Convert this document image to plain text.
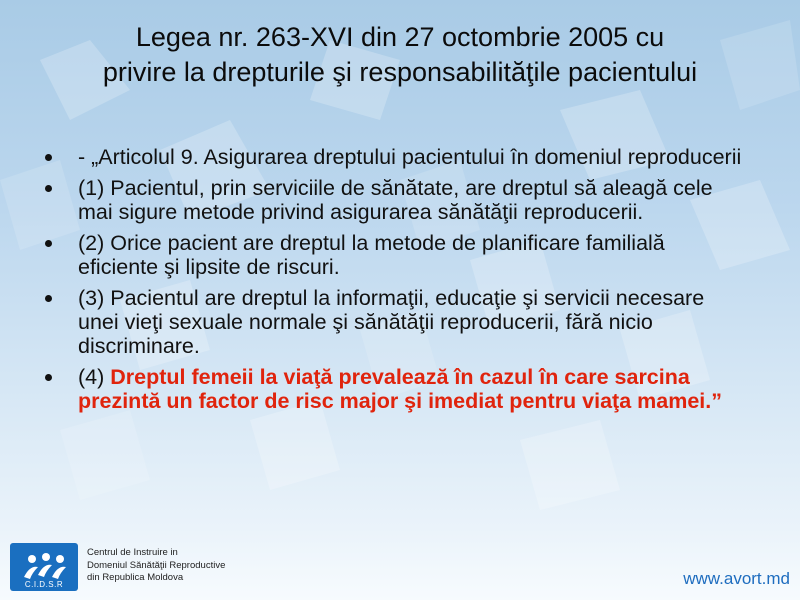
Legea nr. 263-XVI din 27 octombrie 2005 cu
privire la drepturile şi responsabilităţile pacientului
- „Articolul 9. Asigurarea dreptului pacientului în domeniul reproducerii
(1) Pacientul, prin serviciile de sănătate, are dreptul să aleagă cele mai sigure metode privind asigurarea sănătăţii reproducerii.
(2) Orice pacient are dreptul la metode de planificare familială eficiente şi lipsite de riscuri.
(3) Pacientul are dreptul la informaţii, educaţie şi servicii necesare unei vieţi sexuale normale şi sănătăţii reproducerii, fără nicio discriminare.
(4) Dreptul femeii la viaţă prevalează în cazul în care sarcina prezintă un factor de risc major şi imediat pentru viaţa mamei.”
C.I.D.S.R
Centrul de Instruire in
Domeniul Sănătăţii Reproductive
din Republica Moldova	www.avort.md
